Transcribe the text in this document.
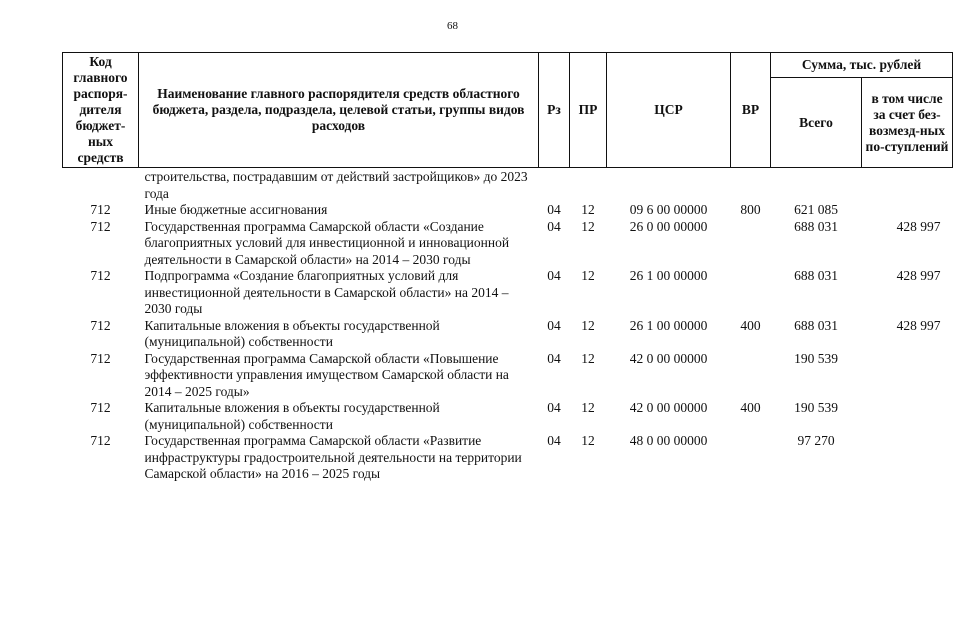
68
Код главного распоря-дителя бюджет-ных средств	Наименование главного распорядителя средств областного бюджета, раздела, подраздела, целевой статьи, группы видов расходов	Рз	ПР	ЦСР	ВР	Сумма, тыс. рублей	
						Всего	в том числе за счет без-возмезд-ных по-ступлений
	строительства, пострадавшим от действий застройщиков» до 2023 года						
712	Иные бюджетные ассигнования	04	12	09 6 00 00000	800	621 085	
712	Государственная программа Самарской области «Создание благоприятных условий для инвестиционной и инновационной деятельности в Самарской области» на 2014 – 2030 годы	04	12	26 0 00 00000		688 031	428 997
712	Подпрограмма «Создание благоприятных условий для инвестиционной деятельности в Самарской области» на 2014 – 2030 годы	04	12	26 1 00 00000		688 031	428 997
712	Капитальные вложения в объекты государственной (муниципальной) собственности	04	12	26 1 00 00000	400	688 031	428 997
712	Государственная программа Самарской области «Повышение эффективности управления имуществом Самарской области на 2014 – 2025 годы»	04	12	42 0 00 00000		190 539	
712	Капитальные вложения в объекты государственной (муниципальной) собственности	04	12	42 0 00 00000	400	190 539	
712	Государственная программа Самарской области «Развитие инфраструктуры градостроительной деятельности на территории Самарской области» на 2016 – 2025 годы	04	12	48 0 00 00000		97 270	
